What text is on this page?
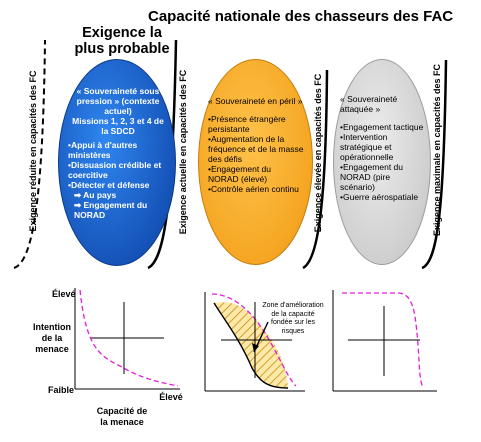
Capacité nationale des chasseurs des FAC
Exigence la plus probable
Exigence réduite en capacités des FC	Exigence actuelle en capacités des FC	Exigence élevée en capacités des FC	Exigence maximale en capacités des FC
« Souveraineté sous pression » (contexte actuel)
Missions 1, 2, 3 et 4 de la SDCD
•Appui à d'autres ministères
•Dissuasion crédible et coercitive
•Détecter et défense
➡ Au pays
➡ Engagement du NORAD
« Souveraineté en péril »
•Présence étrangère persistante
•Augmentation de la fréquence et de la masse des défis
•Engagement du NORAD (élevé)
•Contrôle aérien continu
« Souveraineté attaquée »
•Engagement tactique
•Intervention stratégique et opérationnelle
•Engagement du NORAD (pire scénario)
•Guerre aérospatiale
Élevé
Intention de la menace
Faible
Élevé
Capacité de la menace
Zone d'amélioration de la capacité fondée sur les risques
